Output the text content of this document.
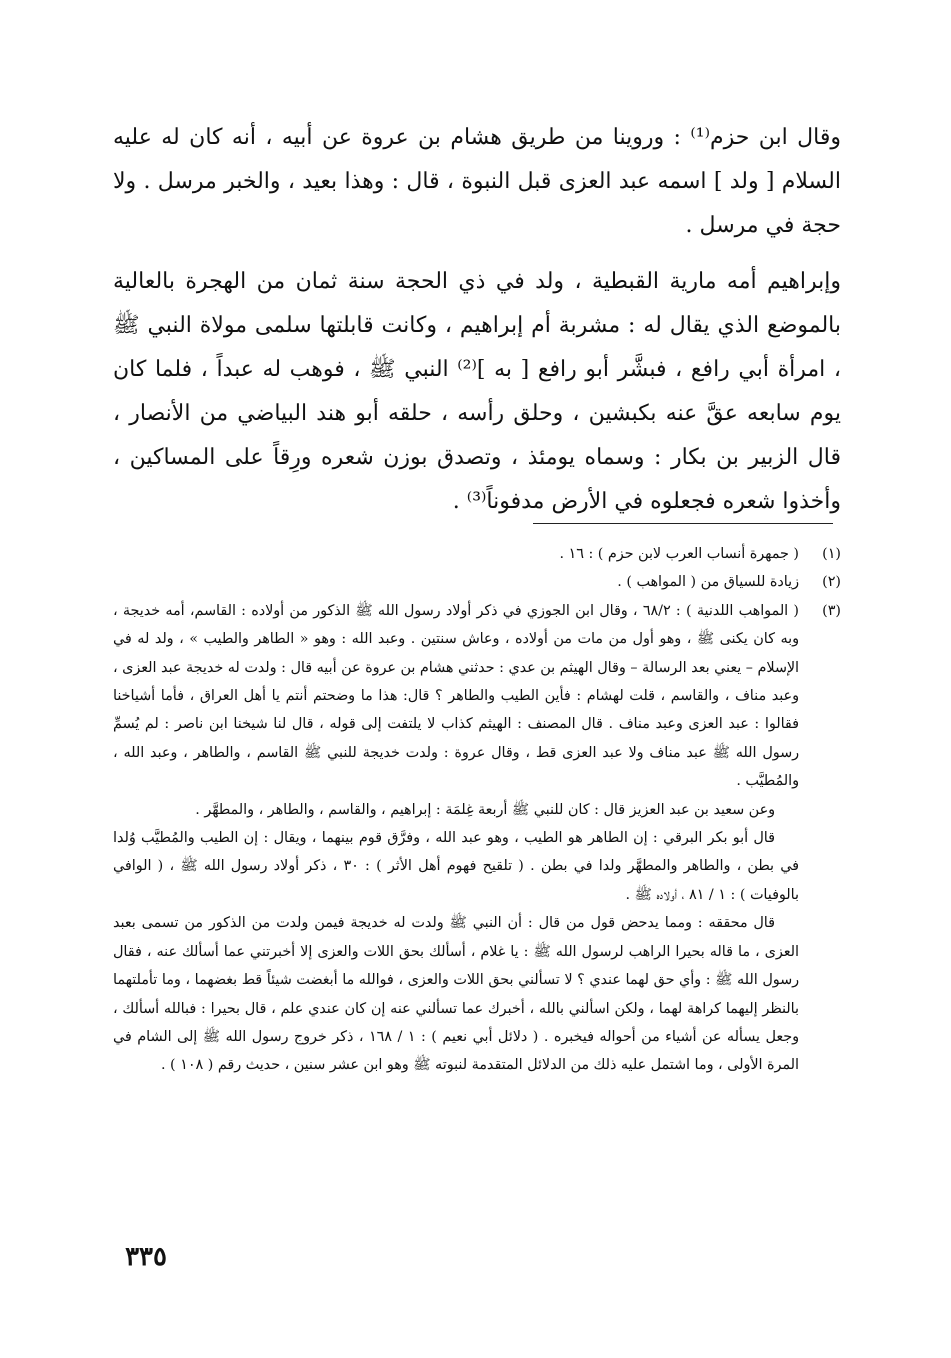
وقال ابن حزم⁽¹⁾ : وروينا من طريق هشام بن عروة عن أبيه ، أنه كان له عليه السلام [ ولد ] اسمه عبد العزى قبل النبوة ، قال : وهذا بعيد ، والخبر مرسل . ولا حجة في مرسل .

وإبراهيم أمه مارية القبطية ، ولد في ذي الحجة سنة ثمان من الهجرة بالعالية بالموضع الذي يقال له : مشربة أم إبراهيم ، وكانت قابلتها سلمى مولاة النبي ﷺ ، امرأة أبي رافع ، فبشَّر أبو رافع [ به ]⁽²⁾ النبي ﷺ ، فوهب له عبداً ، فلما كان يوم سابعه عقَّ عنه بكبشين ، وحلق رأسه ، حلقه أبو هند البياضي من الأنصار ، قال الزبير بن بكار : وسماه يومئذ ، وتصدق بوزن شعره ورِقاً على المساكين ، وأخذوا شعره فجعلوه في الأرض مدفوناً⁽³⁾ .

(١)

( جمهرة أنساب العرب لابن حزم ) : ١٦ .

(٢)

زيادة للسياق من ( المواهب ) .

(٣)

( المواهب اللدنية ) : ٦٨/٢ ، وقال ابن الجوزي في ذكر أولاد رسول الله ﷺ الذكور من أولاده : القاسم، أمه خديجة ، وبه كان يكنى ﷺ ، وهو أول من مات من أولاده ، وعاش سنتين . وعبد الله : وهو « الطاهر والطيب » ، ولد له في الإسلام – يعني بعد الرسالة – وقال الهيثم بن عدي : حدثني هشام بن عروة عن أبيه قال : ولدت له خديجة عبد العزى ، وعبد مناف ، والقاسم ، قلت لهشام : فأين الطيب والطاهر ؟ قال: هذا ما وضحتم أنتم يا أهل العراق ، فأما أشياخنا فقالوا : عبد العزى وعبد مناف . قال المصنف : الهيثم كذاب لا يلتفت إلى قوله ، قال لنا شيخنا ابن ناصر : لم يُسمِّ رسول الله ﷺ عبد مناف ولا عبد العزى قط ، وقال عروة : ولدت خديجة للنبي ﷺ القاسم ، والطاهر ، وعبد الله ، والمُطيَّب .

وعن سعيد بن عبد العزيز قال : كان للنبي ﷺ أربعة غِلمَة : إبراهيم ، والقاسم ، والطاهر ، والمطهَّر .

قال أبو بكر البرقي : إن الطاهر هو الطيب ، وهو عبد الله ، وفرَّق قوم بينهما ، ويقال : إن الطيب والمُطيَّب وُلدا في بطن ، والطاهر والمطهَّر ولدا في بطن . ( تلقيح فهوم أهل الأثر ) : ٣٠ ، ذكر أولاد رسول الله ﷺ ، ( الوافي بالوفيات ) : ١ / ٨١ ، أولاده ﷺ .

قال محققه : ومما يدحض قول من قال : أن النبي ﷺ ولدت له خديجة فيمن ولدت من الذكور من تسمى بعبد العزى ، ما قاله بحيرا الراهب لرسول الله ﷺ : يا غلام ، أسألك بحق اللات والعزى إلا أخبرتني عما أسألك عنه ، فقال رسول الله ﷺ : وأي حق لهما عندي ؟ لا تسألني بحق اللات والعزى ، فوالله ما أبغضت شيئاً قط بغضهما ، وما تأملتهما بالنظر إليهما كراهة لهما ، ولكن اسألني بالله ، أخبرك عما تسألني عنه إن كان عندي علم ، قال بحيرا : فبالله أسألك ، وجعل يسأله عن أشياء من أحواله فيخبره . ( دلائل أبي نعيم ) : ١ / ١٦٨ ، ذكر خروج رسول الله ﷺ إلى الشام في المرة الأولى ، وما اشتمل عليه ذلك من الدلائل المتقدمة لنبوته ﷺ وهو ابن عشر سنين ، حديث رقم ( ١٠٨ ) .

٣٣٥
